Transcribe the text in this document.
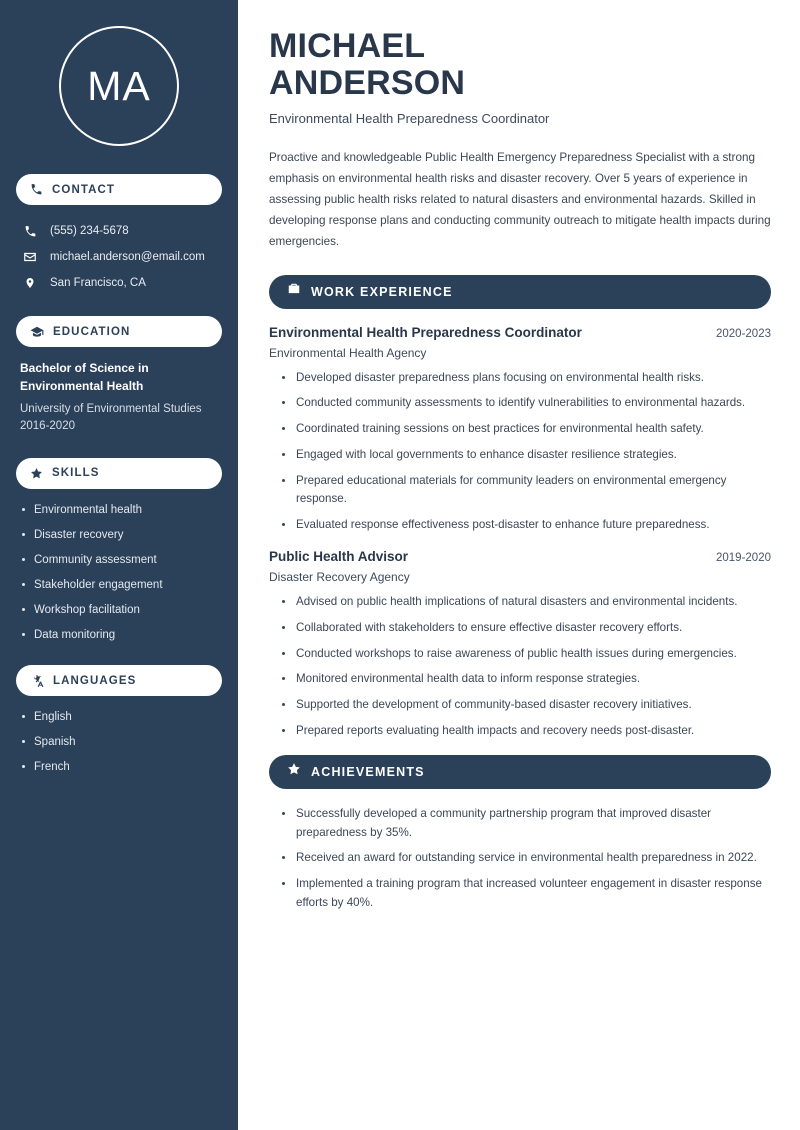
MA
CONTACT
(555) 234-5678
michael.anderson@email.com
San Francisco, CA
EDUCATION
Bachelor of Science in Environmental Health
University of Environmental Studies
2016-2020
SKILLS
Environmental health
Disaster recovery
Community assessment
Stakeholder engagement
Workshop facilitation
Data monitoring
LANGUAGES
English
Spanish
French
MICHAEL
ANDERSON
Environmental Health Preparedness Coordinator

Proactive and knowledgeable Public Health Emergency Preparedness Specialist with a strong emphasis on environmental health risks and disaster recovery. Over 5 years of experience in assessing public health risks related to natural disasters and environmental hazards. Skilled in developing response plans and conducting community outreach to mitigate health impacts during emergencies.

WORK EXPERIENCE
Environmental Health Preparedness Coordinator	2020-2023
Environmental Health Agency
Developed disaster preparedness plans focusing on environmental health risks.
Conducted community assessments to identify vulnerabilities to environmental hazards.
Coordinated training sessions on best practices for environmental health safety.
Engaged with local governments to enhance disaster resilience strategies.
Prepared educational materials for community leaders on environmental emergency response.
Evaluated response effectiveness post-disaster to enhance future preparedness.
Public Health Advisor	2019-2020
Disaster Recovery Agency
Advised on public health implications of natural disasters and environmental incidents.
Collaborated with stakeholders to ensure effective disaster recovery efforts.
Conducted workshops to raise awareness of public health issues during emergencies.
Monitored environmental health data to inform response strategies.
Supported the development of community-based disaster recovery initiatives.
Prepared reports evaluating health impacts and recovery needs post-disaster.
ACHIEVEMENTS
Successfully developed a community partnership program that improved disaster preparedness by 35%.
Received an award for outstanding service in environmental health preparedness in 2022.
Implemented a training program that increased volunteer engagement in disaster response efforts by 40%.
